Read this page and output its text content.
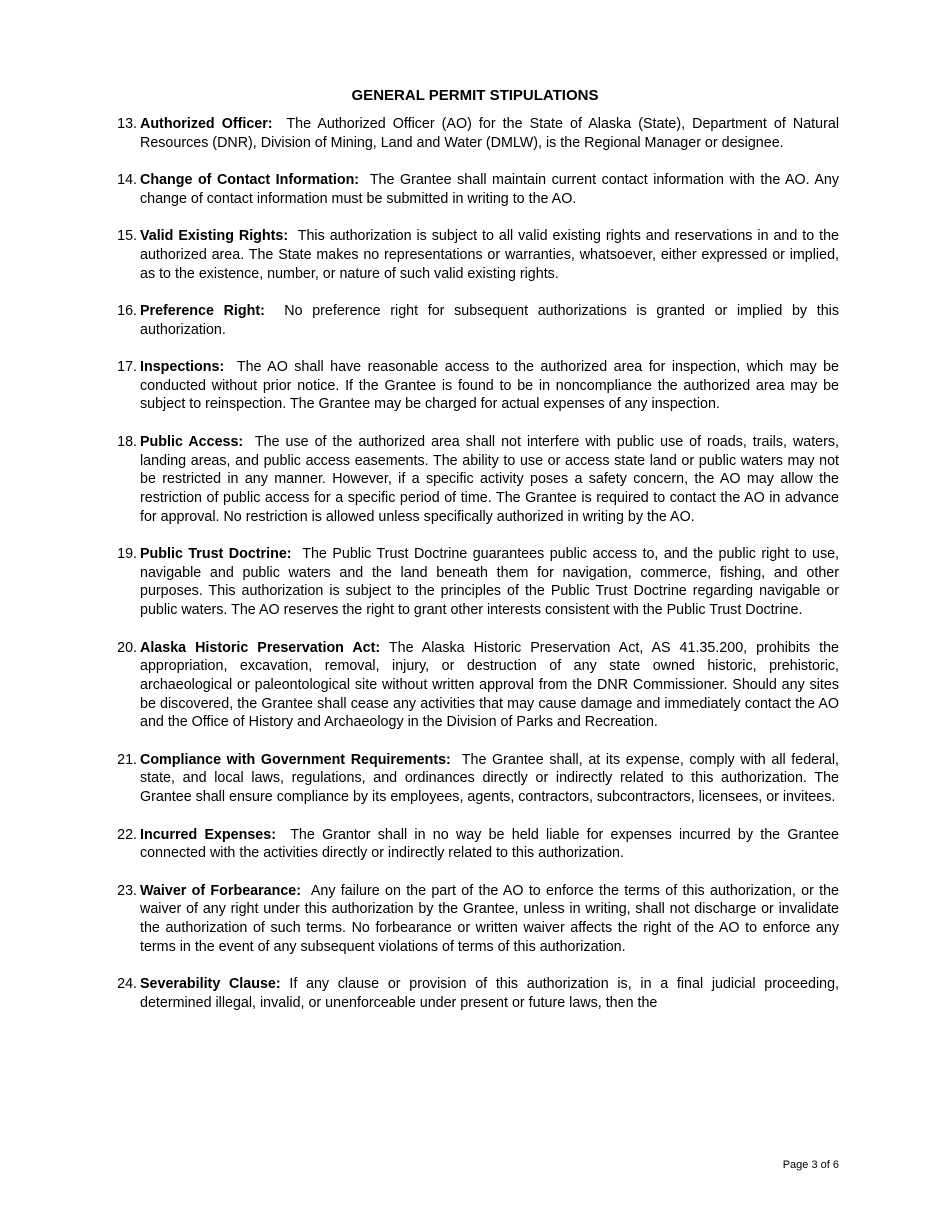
GENERAL PERMIT STIPULATIONS
13. Authorized Officer: The Authorized Officer (AO) for the State of Alaska (State), Department of Natural Resources (DNR), Division of Mining, Land and Water (DMLW), is the Regional Manager or designee.
14. Change of Contact Information: The Grantee shall maintain current contact information with the AO. Any change of contact information must be submitted in writing to the AO.
15. Valid Existing Rights: This authorization is subject to all valid existing rights and reservations in and to the authorized area. The State makes no representations or warranties, whatsoever, either expressed or implied, as to the existence, number, or nature of such valid existing rights.
16. Preference Right: No preference right for subsequent authorizations is granted or implied by this authorization.
17. Inspections: The AO shall have reasonable access to the authorized area for inspection, which may be conducted without prior notice. If the Grantee is found to be in noncompliance the authorized area may be subject to reinspection. The Grantee may be charged for actual expenses of any inspection.
18. Public Access: The use of the authorized area shall not interfere with public use of roads, trails, waters, landing areas, and public access easements. The ability to use or access state land or public waters may not be restricted in any manner. However, if a specific activity poses a safety concern, the AO may allow the restriction of public access for a specific period of time. The Grantee is required to contact the AO in advance for approval. No restriction is allowed unless specifically authorized in writing by the AO.
19. Public Trust Doctrine: The Public Trust Doctrine guarantees public access to, and the public right to use, navigable and public waters and the land beneath them for navigation, commerce, fishing, and other purposes. This authorization is subject to the principles of the Public Trust Doctrine regarding navigable or public waters. The AO reserves the right to grant other interests consistent with the Public Trust Doctrine.
20. Alaska Historic Preservation Act: The Alaska Historic Preservation Act, AS 41.35.200, prohibits the appropriation, excavation, removal, injury, or destruction of any state owned historic, prehistoric, archaeological or paleontological site without written approval from the DNR Commissioner. Should any sites be discovered, the Grantee shall cease any activities that may cause damage and immediately contact the AO and the Office of History and Archaeology in the Division of Parks and Recreation.
21. Compliance with Government Requirements: The Grantee shall, at its expense, comply with all federal, state, and local laws, regulations, and ordinances directly or indirectly related to this authorization. The Grantee shall ensure compliance by its employees, agents, contractors, subcontractors, licensees, or invitees.
22. Incurred Expenses: The Grantor shall in no way be held liable for expenses incurred by the Grantee connected with the activities directly or indirectly related to this authorization.
23. Waiver of Forbearance: Any failure on the part of the AO to enforce the terms of this authorization, or the waiver of any right under this authorization by the Grantee, unless in writing, shall not discharge or invalidate the authorization of such terms. No forbearance or written waiver affects the right of the AO to enforce any terms in the event of any subsequent violations of terms of this authorization.
24. Severability Clause: If any clause or provision of this authorization is, in a final judicial proceeding, determined illegal, invalid, or unenforceable under present or future laws, then the
Page 3 of 6
